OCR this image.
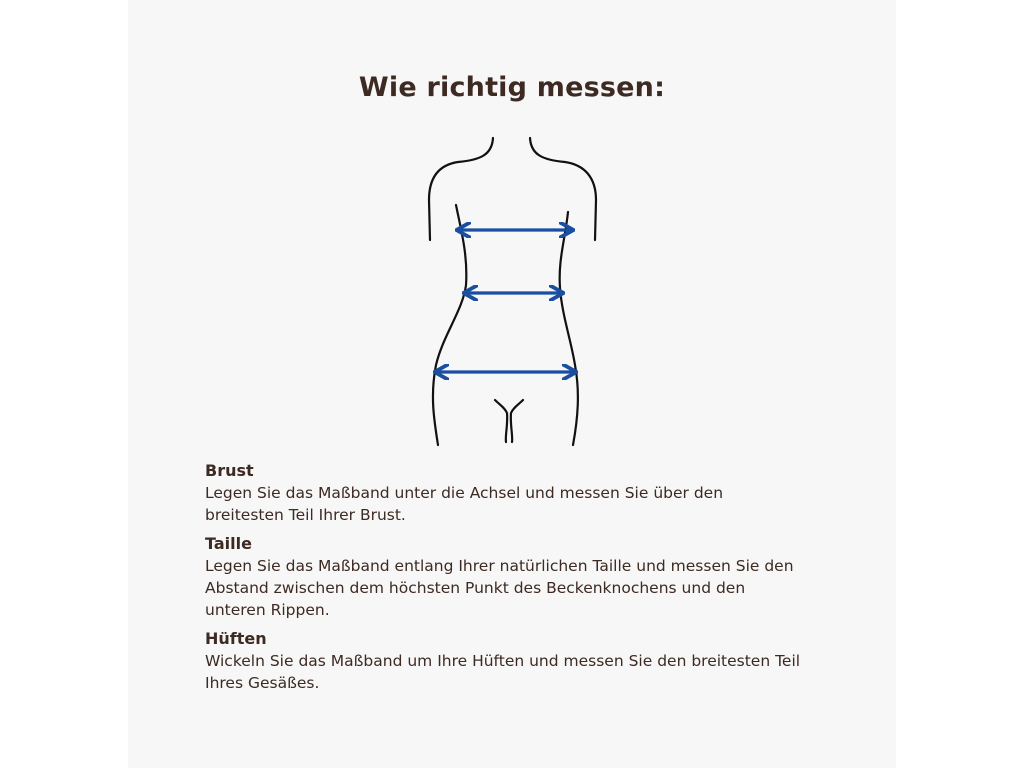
Wie richtig messen:
Brust
Legen Sie das Maßband unter die Achsel und messen Sie über den breitesten Teil Ihrer Brust.
Taille
Legen Sie das Maßband entlang Ihrer natürlichen Taille und messen Sie den Abstand zwischen dem höchsten Punkt des Beckenknochens und den unteren Rippen.
Hüften
Wickeln Sie das Maßband um Ihre Hüften und messen Sie den breitesten Teil Ihres Gesäßes.
